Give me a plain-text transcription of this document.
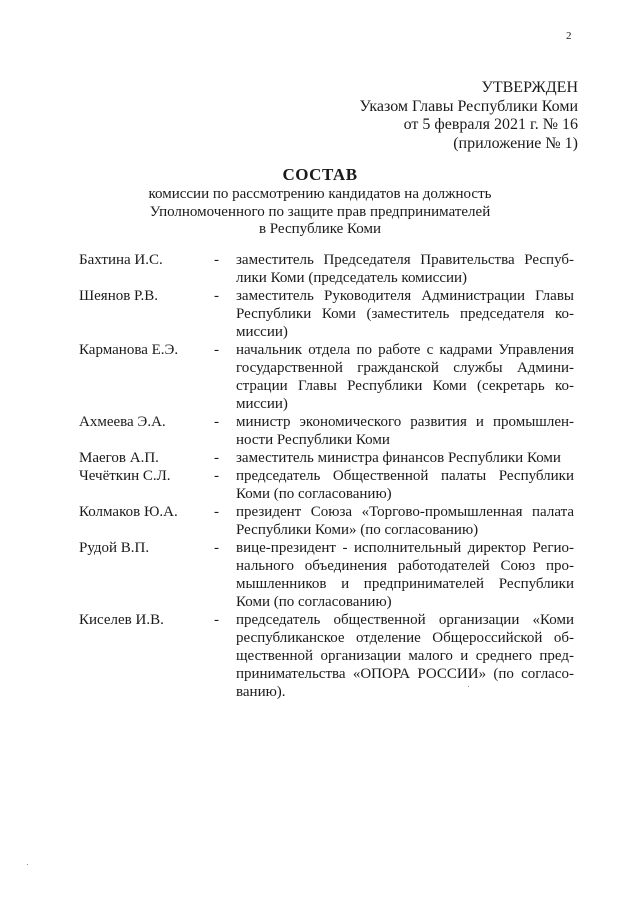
2
УТВЕРЖДЕН
Указом Главы Республики Коми
от 5 февраля 2021 г. № 16
(приложение № 1)
СОСТАВ
комиссии по рассмотрению кандидатов на должность
Уполномоченного по защите прав предпринимателей
в Республике Коми
Бахтина И.С.	-	заместитель Председателя Правительства Респуб-
лики Коми (председатель комиссии)
Шеянов Р.В.	-	заместитель Руководителя Администрации Главы
Республики Коми (заместитель председателя ко-
миссии)
Карманова Е.Э.	-	начальник отдела по работе с кадрами Управления
государственной гражданской службы Админи-
страции Главы Республики Коми (секретарь ко-
миссии)
Ахмеева Э.А.	-	министр экономического развития и промышлен-
ности Республики Коми
Маегов А.П.	-	заместитель министра финансов Республики Коми
Чечёткин С.Л.	-	председатель Общественной палаты Республики
Коми (по согласованию)
Колмаков Ю.А.	-	президент Союза «Торгово-промышленная палата
Республики Коми» (по согласованию)
Рудой В.П.	-	вице-президент - исполнительный директор Регио-
нального объединения работодателей Союз про-
мышленников и предпринимателей Республики
Коми (по согласованию)
Киселев И.В.	-	председатель общественной организации «Коми
республиканское отделение Общероссийской об-
щественной организации малого и среднего пред-
принимательства «ОПОРА РОССИИ» (по согласо-
ванию).
